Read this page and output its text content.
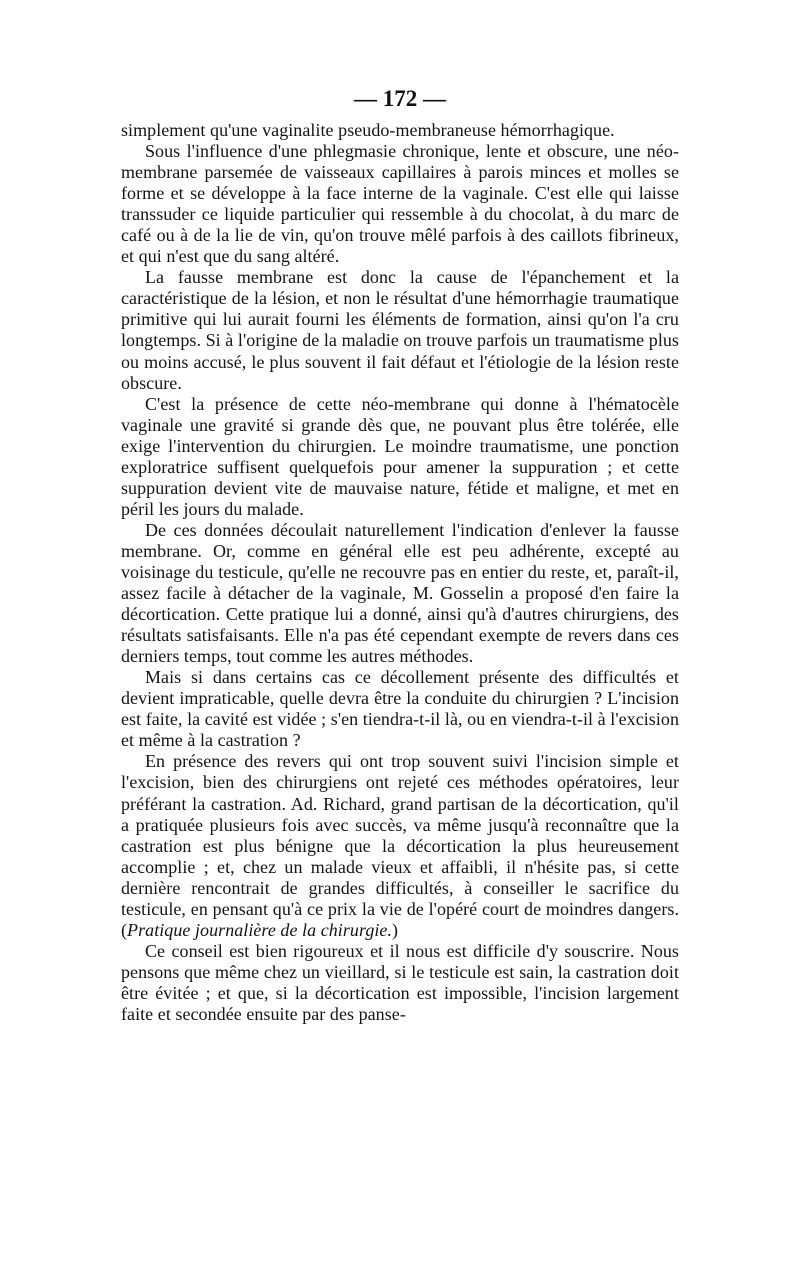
— 172 —

simplement qu'une vaginalite pseudo-membraneuse hémorrhagique.

Sous l'influence d'une phlegmasie chronique, lente et obscure, une néo-membrane parsemée de vaisseaux capillaires à parois minces et molles se forme et se développe à la face interne de la vaginale. C'est elle qui laisse transsuder ce liquide particulier qui ressemble à du chocolat, à du marc de café ou à de la lie de vin, qu'on trouve mêlé parfois à des caillots fibrineux, et qui n'est que du sang altéré.

La fausse membrane est donc la cause de l'épanchement et la caractéristique de la lésion, et non le résultat d'une hémorrhagie traumatique primitive qui lui aurait fourni les éléments de formation, ainsi qu'on l'a cru longtemps. Si à l'origine de la maladie on trouve parfois un traumatisme plus ou moins accusé, le plus souvent il fait défaut et l'étiologie de la lésion reste obscure.

C'est la présence de cette néo-membrane qui donne à l'hématocèle vaginale une gravité si grande dès que, ne pouvant plus être tolérée, elle exige l'intervention du chirurgien. Le moindre traumatisme, une ponction exploratrice suffisent quelquefois pour amener la suppuration ; et cette suppuration devient vite de mauvaise nature, fétide et maligne, et met en péril les jours du malade.

De ces données découlait naturellement l'indication d'enlever la fausse membrane. Or, comme en général elle est peu adhérente, excepté au voisinage du testicule, qu'elle ne recouvre pas en entier du reste, et, paraît-il, assez facile à détacher de la vaginale, M. Gosselin a proposé d'en faire la décortication. Cette pratique lui a donné, ainsi qu'à d'autres chirurgiens, des résultats satisfaisants. Elle n'a pas été cependant exempte de revers dans ces derniers temps, tout comme les autres méthodes.

Mais si dans certains cas ce décollement présente des difficultés et devient impraticable, quelle devra être la conduite du chirurgien ? L'incision est faite, la cavité est vidée ; s'en tiendra-t-il là, ou en viendra-t-il à l'excision et même à la castration ?

En présence des revers qui ont trop souvent suivi l'incision simple et l'excision, bien des chirurgiens ont rejeté ces méthodes opératoires, leur préférant la castration. Ad. Richard, grand partisan de la décortication, qu'il a pratiquée plusieurs fois avec succès, va même jusqu'à reconnaître que la castration est plus bénigne que la décortication la plus heureusement accomplie ; et, chez un malade vieux et affaibli, il n'hésite pas, si cette dernière rencontrait de grandes difficultés, à conseiller le sacrifice du testicule, en pensant qu'à ce prix la vie de l'opéré court de moindres dangers. (Pratique journalière de la chirurgie.)

Ce conseil est bien rigoureux et il nous est difficile d'y souscrire. Nous pensons que même chez un vieillard, si le testicule est sain, la castration doit être évitée ; et que, si la décortication est impossible, l'incision largement faite et secondée ensuite par des panse-
